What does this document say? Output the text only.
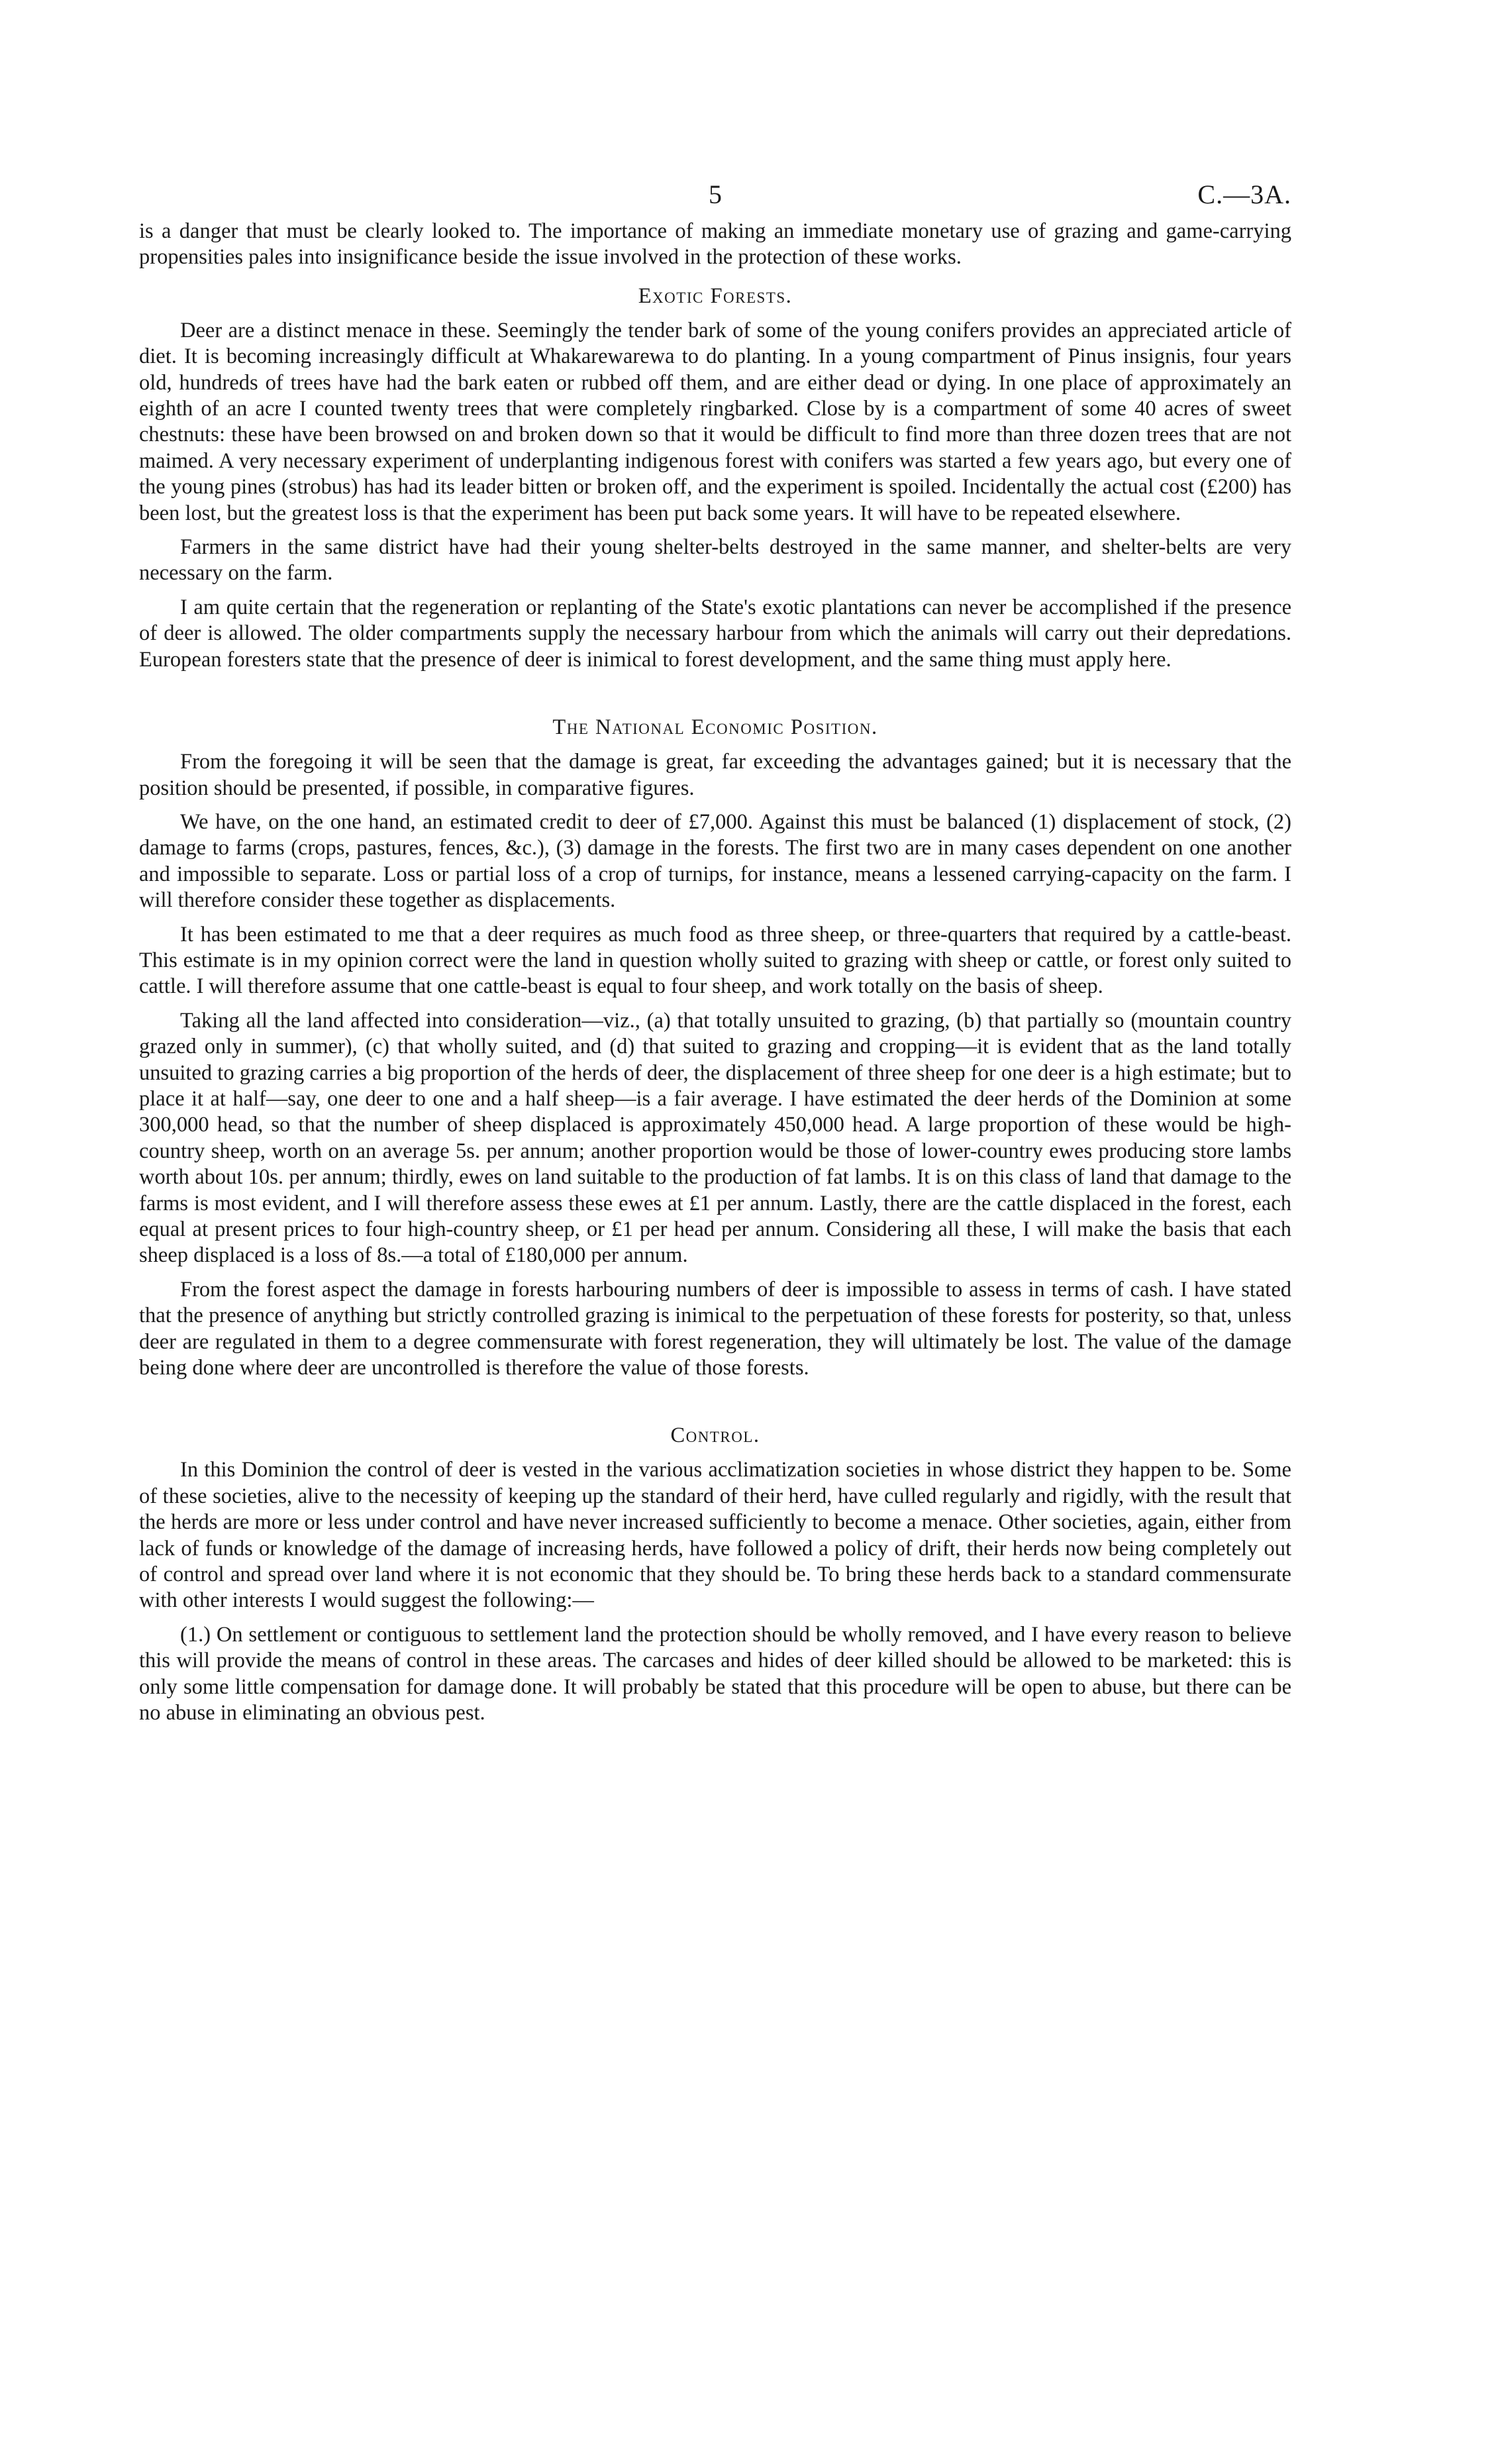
5	C.—3A.

is a danger that must be clearly looked to. The importance of making an immediate monetary use of grazing and game-carrying propensities pales into insignificance beside the issue involved in the protection of these works.

Exotic Forests.

Deer are a distinct menace in these. Seemingly the tender bark of some of the young conifers provides an appreciated article of diet. It is becoming increasingly difficult at Whakarewarewa to do planting. In a young compartment of Pinus insignis, four years old, hundreds of trees have had the bark eaten or rubbed off them, and are either dead or dying. In one place of approximately an eighth of an acre I counted twenty trees that were completely ringbarked. Close by is a compartment of some 40 acres of sweet chestnuts: these have been browsed on and broken down so that it would be difficult to find more than three dozen trees that are not maimed. A very necessary experiment of underplanting indigenous forest with conifers was started a few years ago, but every one of the young pines (strobus) has had its leader bitten or broken off, and the experiment is spoiled. Incidentally the actual cost (£200) has been lost, but the greatest loss is that the experiment has been put back some years. It will have to be repeated elsewhere.

Farmers in the same district have had their young shelter-belts destroyed in the same manner, and shelter-belts are very necessary on the farm.

I am quite certain that the regeneration or replanting of the State's exotic plantations can never be accomplished if the presence of deer is allowed. The older compartments supply the necessary harbour from which the animals will carry out their depredations. European foresters state that the presence of deer is inimical to forest development, and the same thing must apply here.

The National Economic Position.

From the foregoing it will be seen that the damage is great, far exceeding the advantages gained; but it is necessary that the position should be presented, if possible, in comparative figures.

We have, on the one hand, an estimated credit to deer of £7,000. Against this must be balanced (1) displacement of stock, (2) damage to farms (crops, pastures, fences, &c.), (3) damage in the forests. The first two are in many cases dependent on one another and impossible to separate. Loss or partial loss of a crop of turnips, for instance, means a lessened carrying-capacity on the farm. I will therefore consider these together as displacements.

It has been estimated to me that a deer requires as much food as three sheep, or three-quarters that required by a cattle-beast. This estimate is in my opinion correct were the land in question wholly suited to grazing with sheep or cattle, or forest only suited to cattle. I will therefore assume that one cattle-beast is equal to four sheep, and work totally on the basis of sheep.

Taking all the land affected into consideration—viz., (a) that totally unsuited to grazing, (b) that partially so (mountain country grazed only in summer), (c) that wholly suited, and (d) that suited to grazing and cropping—it is evident that as the land totally unsuited to grazing carries a big proportion of the herds of deer, the displacement of three sheep for one deer is a high estimate; but to place it at half—say, one deer to one and a half sheep—is a fair average. I have estimated the deer herds of the Dominion at some 300,000 head, so that the number of sheep displaced is approximately 450,000 head. A large proportion of these would be high-country sheep, worth on an average 5s. per annum; another proportion would be those of lower-country ewes producing store lambs worth about 10s. per annum; thirdly, ewes on land suitable to the production of fat lambs. It is on this class of land that damage to the farms is most evident, and I will therefore assess these ewes at £1 per annum. Lastly, there are the cattle displaced in the forest, each equal at present prices to four high-country sheep, or £1 per head per annum. Considering all these, I will make the basis that each sheep displaced is a loss of 8s.—a total of £180,000 per annum.

From the forest aspect the damage in forests harbouring numbers of deer is impossible to assess in terms of cash. I have stated that the presence of anything but strictly controlled grazing is inimical to the perpetuation of these forests for posterity, so that, unless deer are regulated in them to a degree commensurate with forest regeneration, they will ultimately be lost. The value of the damage being done where deer are uncontrolled is therefore the value of those forests.

Control.

In this Dominion the control of deer is vested in the various acclimatization societies in whose district they happen to be. Some of these societies, alive to the necessity of keeping up the standard of their herd, have culled regularly and rigidly, with the result that the herds are more or less under control and have never increased sufficiently to become a menace. Other societies, again, either from lack of funds or knowledge of the damage of increasing herds, have followed a policy of drift, their herds now being completely out of control and spread over land where it is not economic that they should be. To bring these herds back to a standard commensurate with other interests I would suggest the following:—

(1.) On settlement or contiguous to settlement land the protection should be wholly removed, and I have every reason to believe this will provide the means of control in these areas. The carcases and hides of deer killed should be allowed to be marketed: this is only some little compensation for damage done. It will probably be stated that this procedure will be open to abuse, but there can be no abuse in eliminating an obvious pest.
